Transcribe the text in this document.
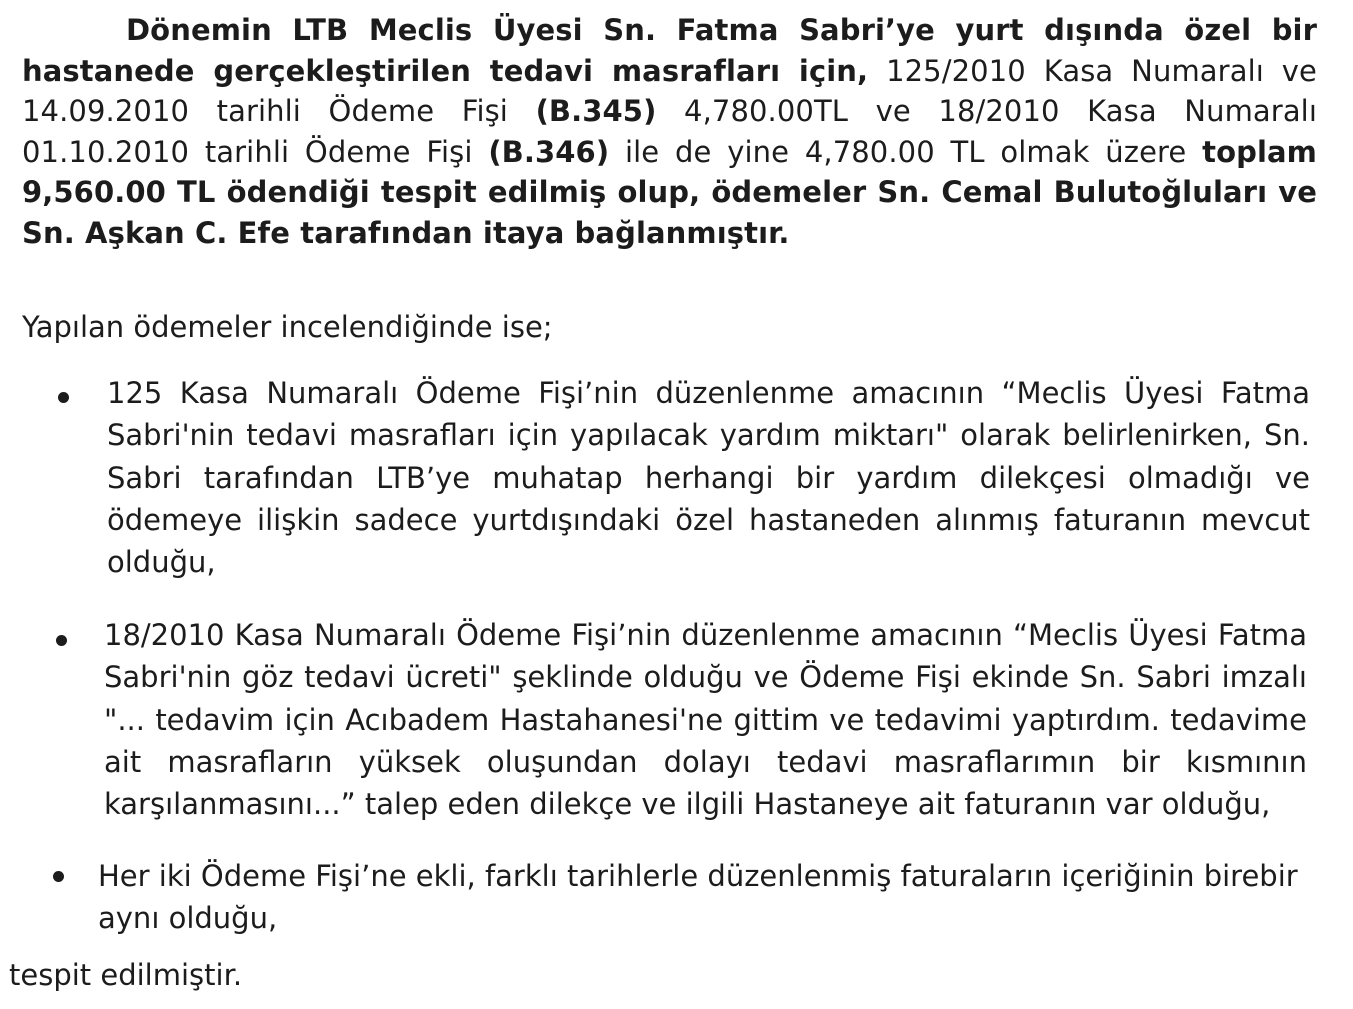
Dönemin LTB Meclis Üyesi Sn. Fatma Sabri’ye yurt dışında özel bir hastanede gerçekleştirilen tedavi masrafları için, 125/2010 Kasa Numaralı ve 14.09.2010 tarihli Ödeme Fişi (B.345) 4,780.00TL ve 18/2010 Kasa Numaralı 01.10.2010 tarihli Ödeme Fişi (B.346) ile de yine 4,780.00 TL olmak üzere toplam 9,560.00 TL ödendiği tespit edilmiş olup, ödemeler Sn. Cemal Bulutoğluları ve Sn. Aşkan C. Efe tarafından itaya bağlanmıştır.

Yapılan ödemeler incelendiğinde ise;

125 Kasa Numaralı Ödeme Fişi’nin düzenlenme amacının “Meclis Üyesi Fatma Sabri'nin tedavi masrafları için yapılacak yardım miktarı" olarak belirlenirken, Sn. Sabri tarafından LTB’ye muhatap herhangi bir yardım dilekçesi olmadığı ve ödemeye ilişkin sadece yurtdışındaki özel hastaneden alınmış faturanın mevcut olduğu,

18/2010 Kasa Numaralı Ödeme Fişi’nin düzenlenme amacının “Meclis Üyesi Fatma Sabri'nin göz tedavi ücreti" şeklinde olduğu ve Ödeme Fişi ekinde Sn. Sabri imzalı "... tedavim için Acıbadem Hastahanesi'ne gittim ve tedavimi yaptırdım. tedavime ait masrafların yüksek oluşundan dolayı tedavi masraflarımın bir kısmının karşılanmasını...” talep eden dilekçe ve ilgili Hastaneye ait faturanın var olduğu,

Her iki Ödeme Fişi’ne ekli, farklı tarihlerle düzenlenmiş faturaların içeriğinin birebir aynı olduğu,

tespit edilmiştir.
